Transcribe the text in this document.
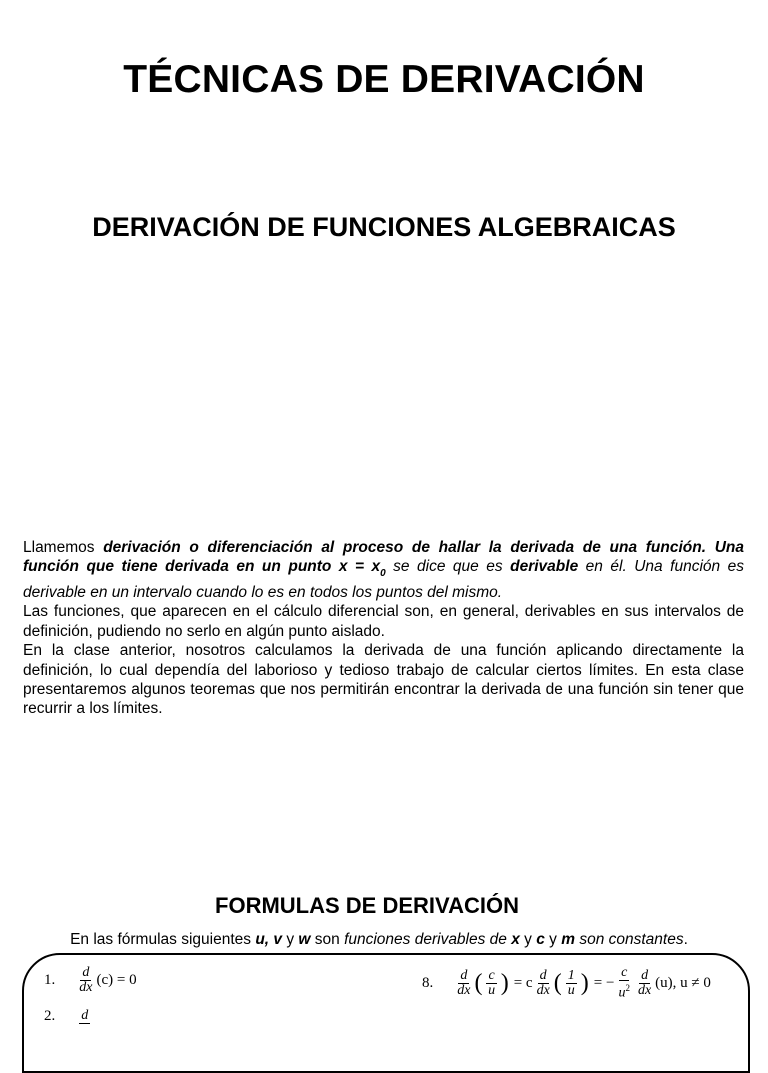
TÉCNICAS DE DERIVACIÓN
DERIVACIÓN DE FUNCIONES ALGEBRAICAS

Llamemos derivación o diferenciación al proceso de hallar la derivada de una función. Una función que tiene derivada en un punto $x = x_0$ se dice que es derivable en él. Una función es derivable en un intervalo cuando lo es en todos los puntos del mismo.

Las funciones, que aparecen en el cálculo diferencial son, en general, derivables en sus intervalos de definición, pudiendo no serlo en algún punto aislado.

En la clase anterior, nosotros calculamos la derivada de una función aplicando directamente la definición, lo cual dependía del laborioso y tedioso trabajo de calcular ciertos límites. En esta clase presentaremos algunos teoremas que nos permitirán encontrar la derivada de una función sin tener que recurrir a los límites.

FORMULAS DE DERIVACIÓN
En las fórmulas siguientes u, v y w son funciones derivables de x y c y m son constantes.
1. $\frac{d}{dx} (c) = 0$	8. $\frac{d}{dx}$ ( $\frac{c}{u}$ ) = c $\frac{d}{dx}$ ( $\frac{1}{u}$ ) = − $\frac{c}{u^2} \frac{d}{dx} (u)$, u ≠ 0
2. d
